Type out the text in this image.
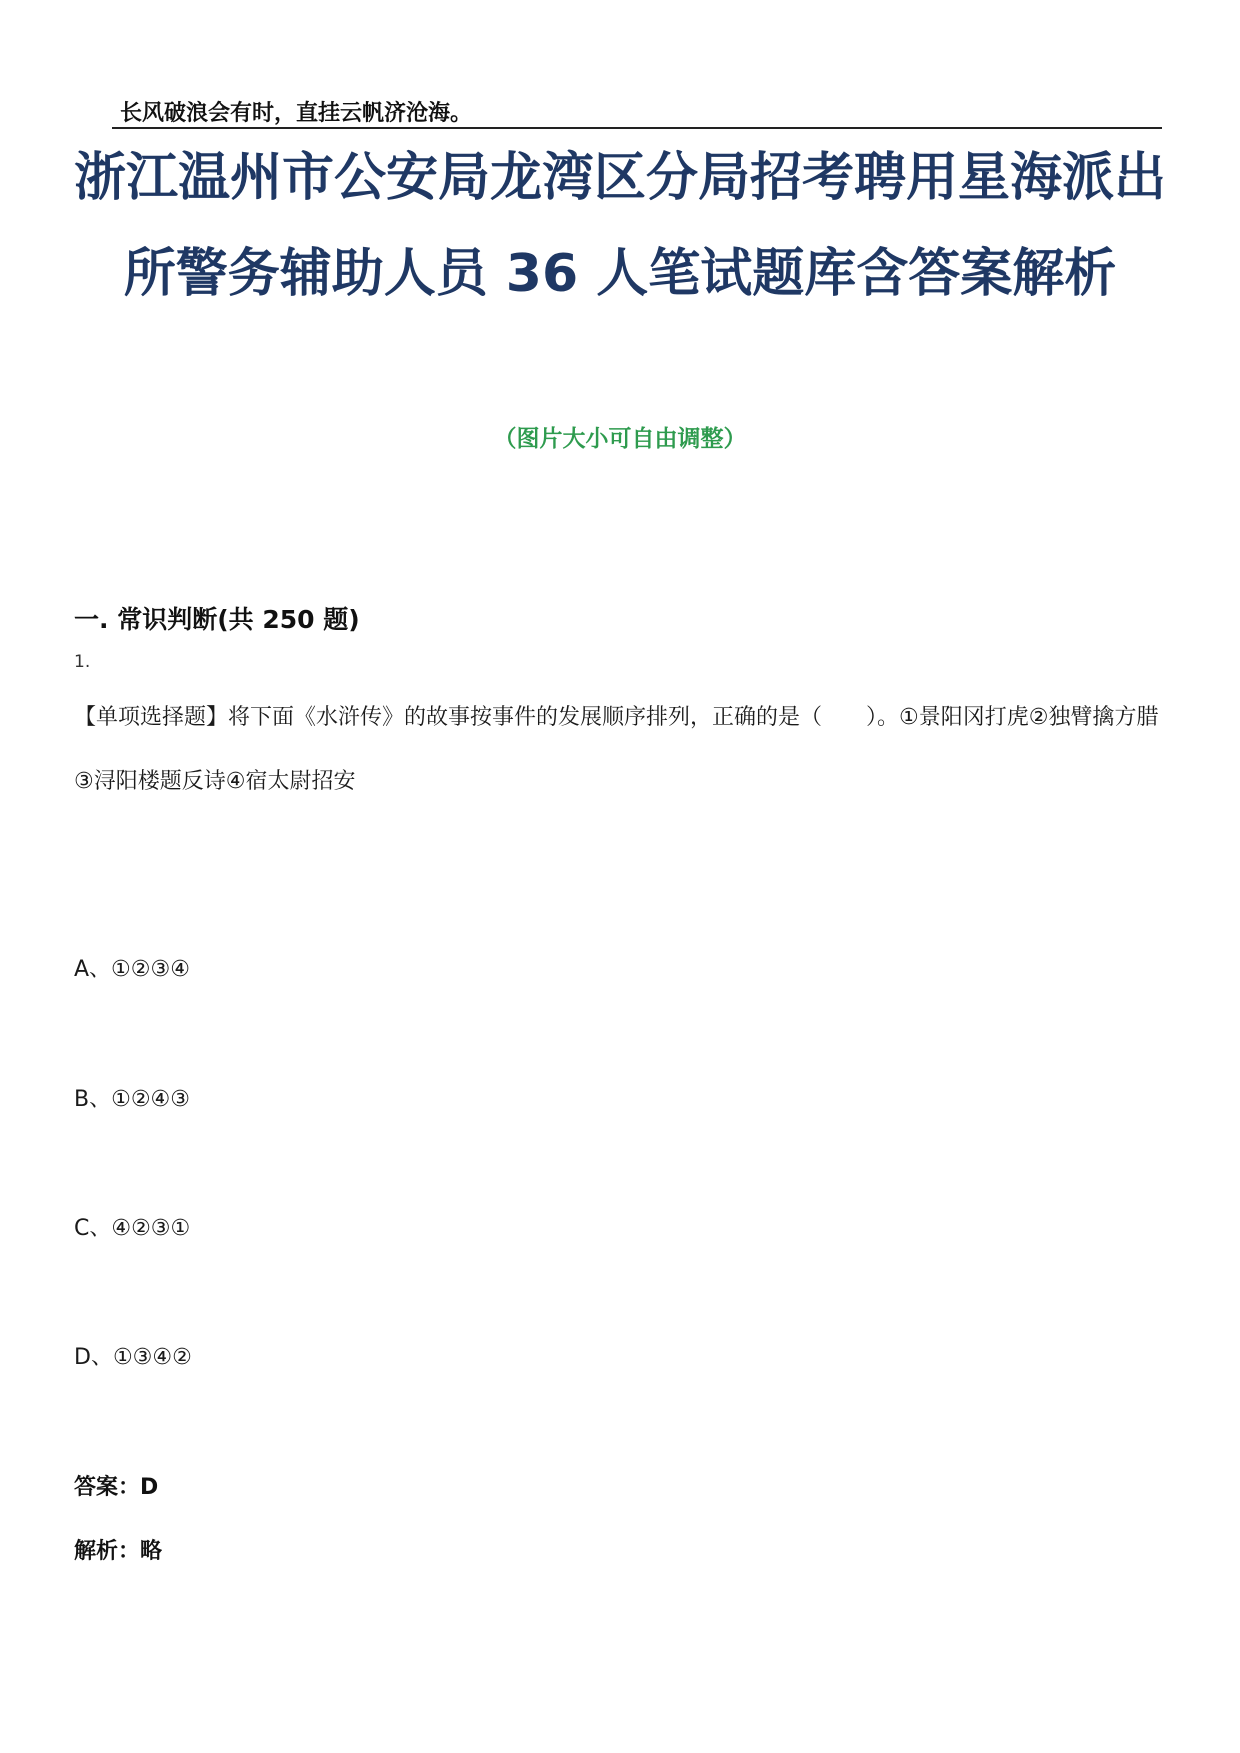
长风破浪会有时，直挂云帆济沧海。
浙江温州市公安局龙湾区分局招考聘用星海派出所警务辅助人员 36 人笔试题库含答案解析
（图片大小可自由调整）
一. 常识判断(共 250 题)
1.
【单项选择题】将下面《水浒传》的故事按事件的发展顺序排列，正确的是（　　）。①景阳冈打虎②独臂擒方腊③浔阳楼题反诗④宿太尉招安
A、①②③④
B、①②④③
C、④②③①
D、①③④②
答案：D
解析：略
